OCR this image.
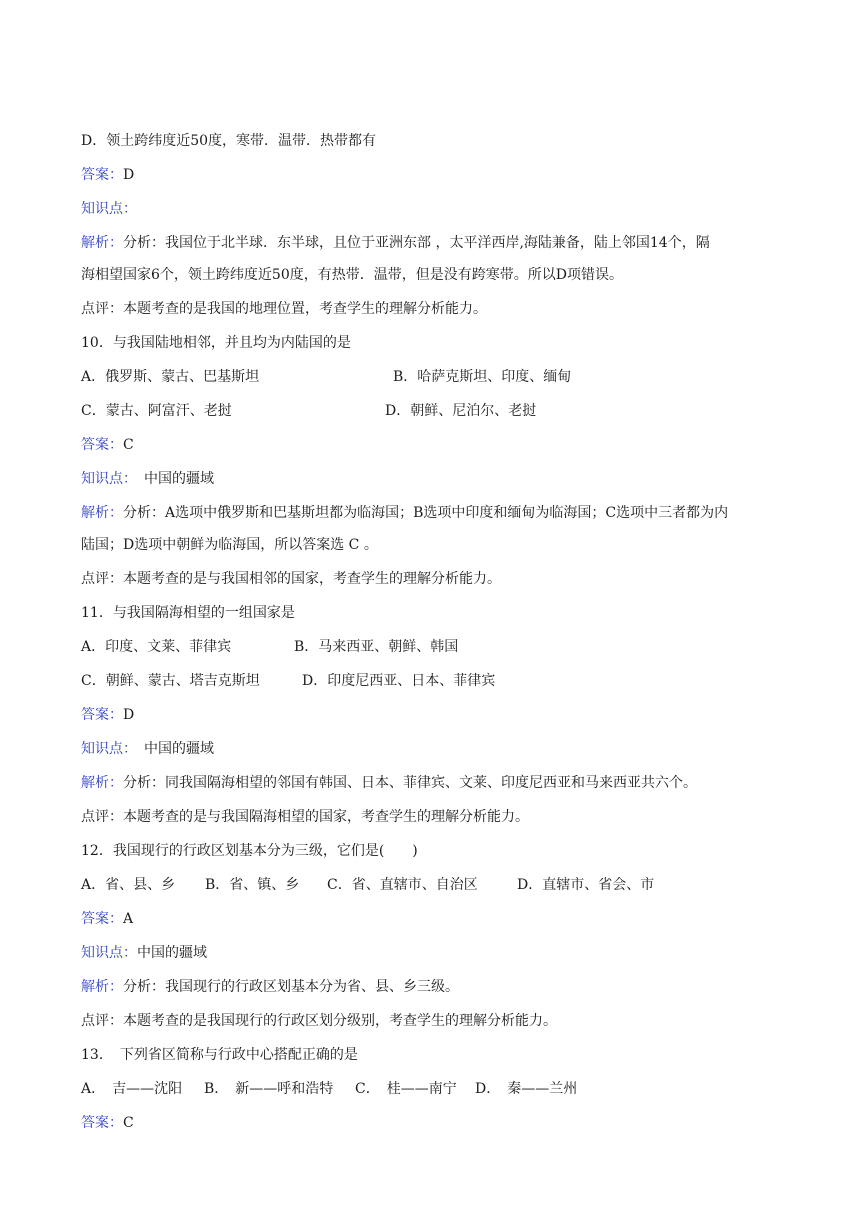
D．领土跨纬度近50度，寒带．温带．热带都有
答案：D
知识点：
解析：分析：我国位于北半球．东半球，且位于亚洲东部 ，太平洋西岸,海陆兼备，陆上邻国14个，隔
海相望国家6个，领土跨纬度近50度，有热带．温带，但是没有跨寒带。所以D项错误。
点评：本题考查的是我国的地理位置，考查学生的理解分析能力。
10．与我国陆地相邻，并且均为内陆国的是
A．俄罗斯、蒙古、巴基斯坦	B．哈萨克斯坦、印度、缅甸
C．蒙古、阿富汗、老挝	D．朝鲜、尼泊尔、老挝
答案：C
知识点：　中国的疆域
解析：分析：A选项中俄罗斯和巴基斯坦都为临海国；B选项中印度和缅甸为临海国；C选项中三者都为内
陆国；D选项中朝鲜为临海国，所以答案选 C 。
点评：本题考查的是与我国相邻的国家，考查学生的理解分析能力。
11．与我国隔海相望的一组国家是
A．印度、文莱、菲律宾	B．马来西亚、朝鲜、韩国
C．朝鲜、蒙古、塔吉克斯坦	D．印度尼西亚、日本、菲律宾
答案：D
知识点：　中国的疆域
解析：分析：同我国隔海相望的邻国有韩国、日本、菲律宾、文莱、印度尼西亚和马来西亚共六个。
点评：本题考查的是与我国隔海相望的国家，考查学生的理解分析能力。
12．我国现行的行政区划基本分为三级，它们是(　　)
A．省、县、乡 B．省、镇、乡 C．省、直辖市、自治区	D．直辖市、省会、市
答案：A
知识点：中国的疆域
解析：分析：我国现行的行政区划基本分为省、县、乡三级。
点评：本题考查的是我国现行的行政区划分级别，考查学生的理解分析能力。
13．　下列省区简称与行政中心搭配正确的是
A．　吉——沈阳 B．　新——呼和浩特 C．　桂——南宁 D．　秦——兰州
答案：C
